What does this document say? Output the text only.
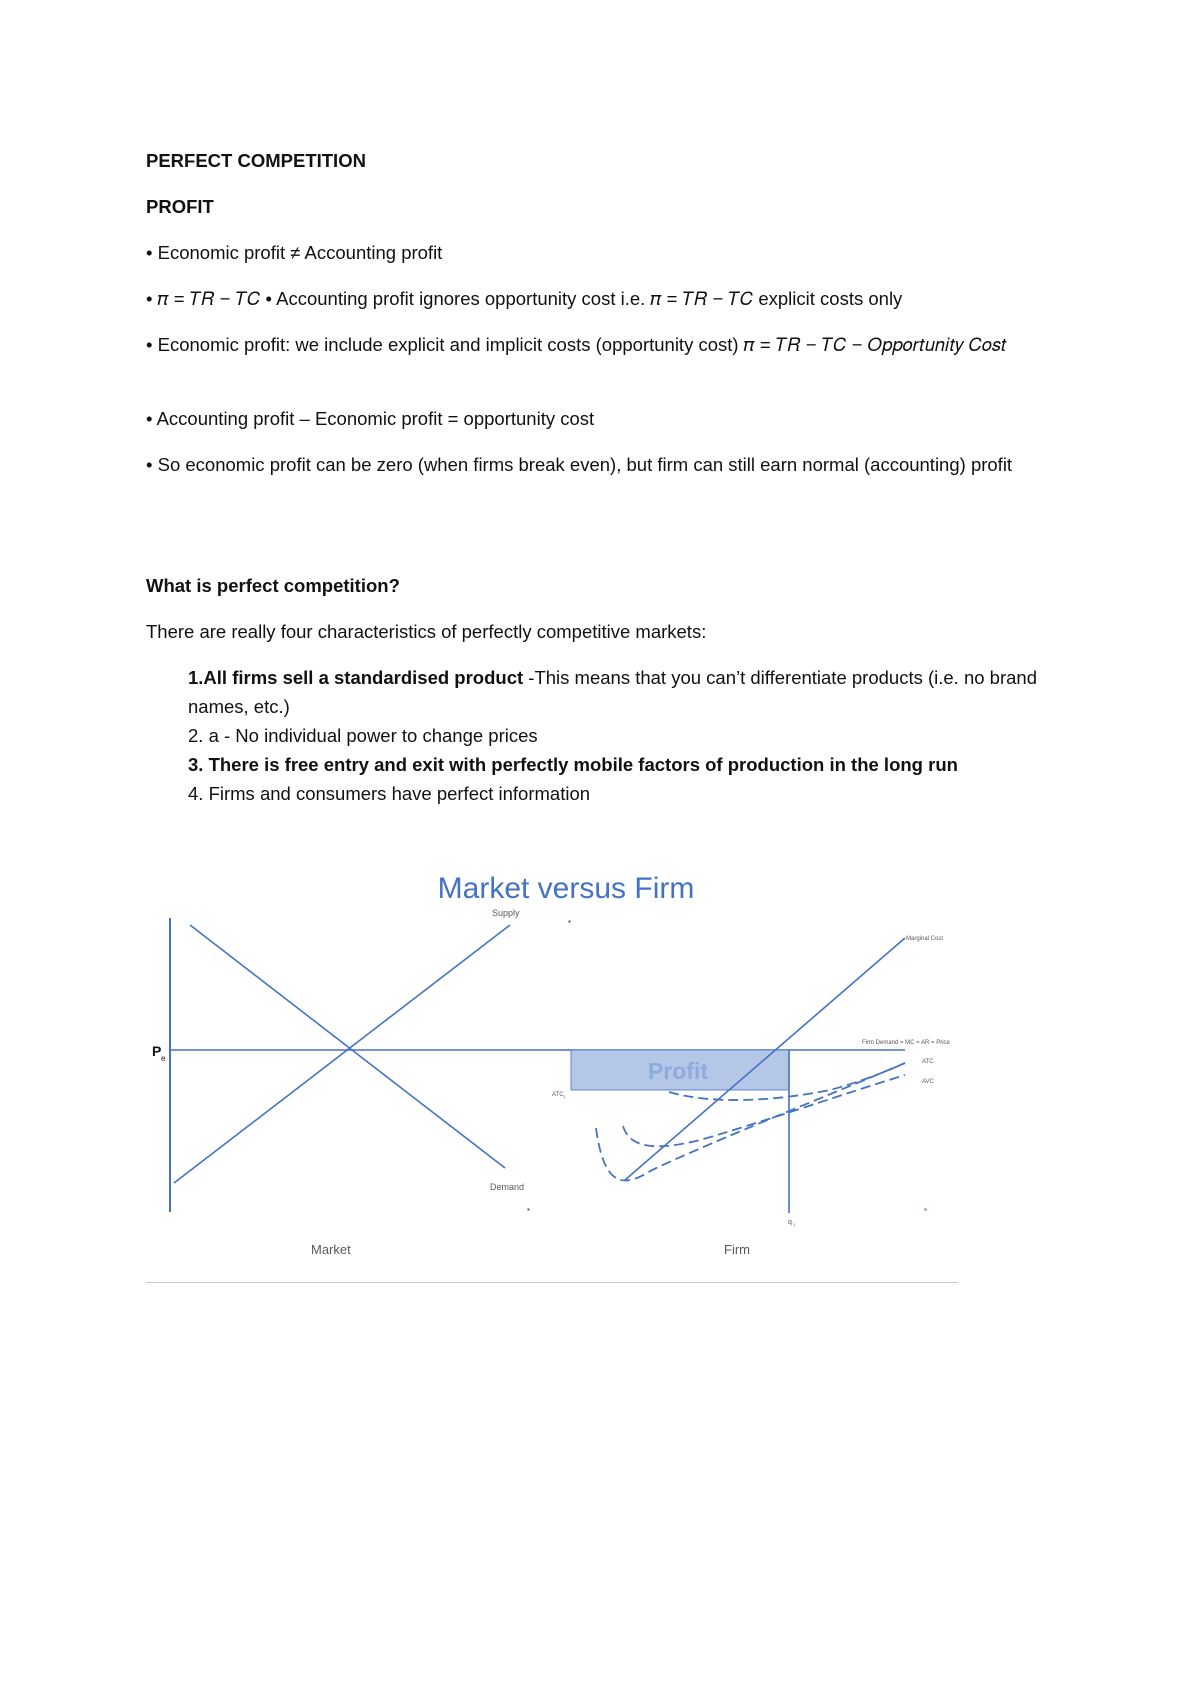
PERFECT COMPETITION
PROFIT
• Economic profit ≠ Accounting profit
• 𝜋 = 𝑇𝑅 − 𝑇𝐶 • Accounting profit ignores opportunity cost i.e. 𝜋 = 𝑇𝑅 − 𝑇𝐶 explicit costs only
• Economic profit: we include explicit and implicit costs (opportunity cost) 𝜋 = 𝑇𝑅 − 𝑇𝐶 − 𝑂𝑝𝑝𝑜𝑟𝑡𝑢𝑛𝑖𝑡𝑦 𝐶𝑜𝑠𝑡
• Accounting profit – Economic profit = opportunity cost
• So economic profit can be zero (when firms break even), but firm can still earn normal (accounting) profit
What is perfect competition?
There are really four characteristics of perfectly competitive markets:
1.All firms sell a standardised product -This means that you can’t differentiate products (i.e. no brand names, etc.)
2. a - No individual power to change prices
3. There is free entry and exit with perfectly mobile factors of production in the long run
4. Firms and consumers have perfect information
Market versus Firm
Supply
Demand
P e
Market
▪
▪
Profit
Marginal Cost
Firm Demand = MC = AR = Price
ATC
AVC
ATC 1
q 1
▪
Firm
